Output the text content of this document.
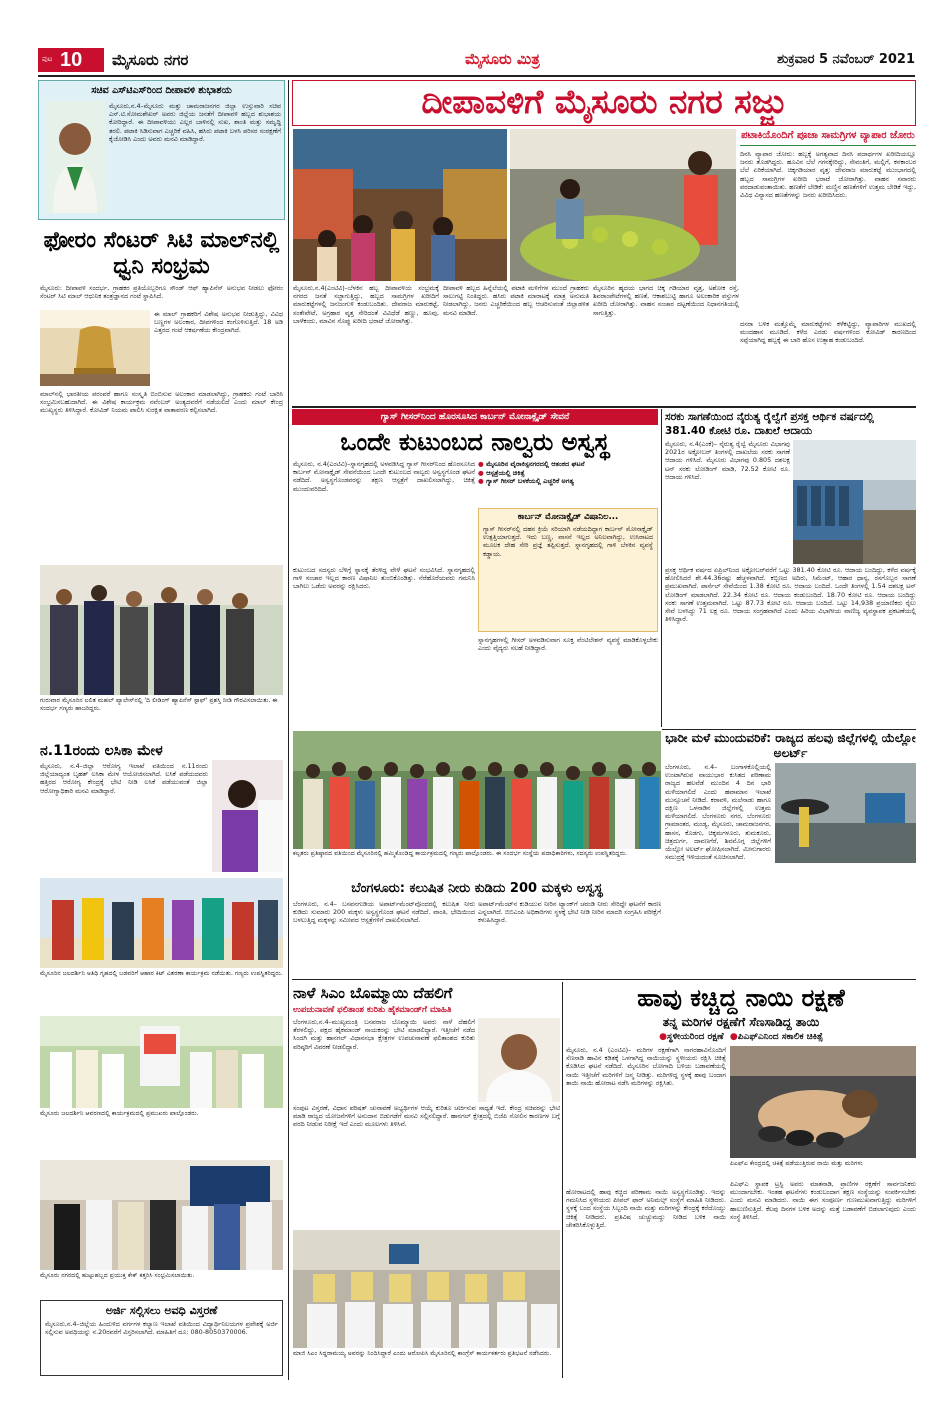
ಪುಟ 10 ಮೈಸೂರು ನಗರ	ಮೈಸೂರು ಮಿತ್ರ	ಶುಕ್ರವಾರ 5 ನವೆಂಬರ್ 2021
ಸಚಿವ ಎಸ್‌ಟಿಎಸ್‌ರಿಂದ ದೀಪಾವಳಿ ಶುಭಾಶಯ
ಮೈಸೂರು,ನ.4–ಮೈಸೂರು ಮತ್ತು ಚಾಮರಾಜನಗರ ಜಿಲ್ಲಾ ಉಸ್ತುವಾರಿ ಸಚಿವ ಎಸ್.ಟಿ.ಸೋಮಶೇಖರ್ ಅವರು ಜಿಲ್ಲೆಯ ಜನತೆಗೆ ದೀಪಾವಳಿ ಹಬ್ಬದ ಶುಭಾಶಯ ಕೋರಿದ್ದಾರೆ. ಈ ದೀಪಾವಳಿಯು ಎಲ್ಲರ ಬಾಳಿನಲ್ಲಿ ಸುಖ, ಶಾಂತಿ ಮತ್ತು ಸಮೃದ್ಧಿ ತರಲಿ. ಪಟಾಕಿ ಸಿಡಿಸುವಾಗ ಎಚ್ಚರಿಕೆ ವಹಿಸಿ, ಹಸಿರು ಪಟಾಕಿ ಬಳಸಿ ಪರಿಸರ ಸಂರಕ್ಷಣೆಗೆ ಕೈಜೋಡಿಸಿ ಎಂದು ಅವರು ಮನವಿ ಮಾಡಿದ್ದಾರೆ.
ಫೋರಂ ಸೆಂಟರ್ ಸಿಟಿ ಮಾಲ್‌ನಲ್ಲಿ ಧ್ವನಿ ಸಂಭ್ರಮ
ಮೈಸೂರು: ದೀಪಾವಳಿ ಸಂದರ್ಭ, ಗ್ರಾಹಕರ ಪ್ರತಿಯೊಬ್ಬರಿಗೂ ಸೌಂಡ್ ಆಫ್ ಹ್ಯಾಪಿನೆಸ್ ಅನುಭವ ನೀಡಲು ಫೋರಂ ಸೆಂಟರ್ ಸಿಟಿ ಮಾಲ್ ಆಧುನಿಕ ತಂತ್ರಜ್ಞಾನದ ಗಂಟೆ ಸ್ಥಾಪಿಸಿದೆ.
ಈ ಮಾಲ್ ಗ್ರಾಹಕರಿಗೆ ವಿಶೇಷ ಅನುಭವ ನೀಡುತ್ತಿದ್ದು, ವಿವಿಧ ಬಣ್ಣಗಳ ಅಲಂಕಾರ, ದೀಪಗಳಿಂದ ಕಂಗೊಳಿಸುತ್ತಿದೆ. 18 ಅಡಿ ಎತ್ತರದ ಗಂಟೆ ಆಕರ್ಷಣೆಯ ಕೇಂದ್ರವಾಗಿದೆ.
ಮಾಲ್‌ನಲ್ಲಿ ಭಾರತೀಯ ಪರಂಪರೆ ಹಾಗೂ ಸಂಸ್ಕೃತಿ ಬಿಂಬಿಸುವ ಅಲಂಕಾರ ಮಾಡಲಾಗಿದ್ದು, ಗ್ರಾಹಕರು ಗಂಟೆ ಬಾರಿಸಿ ಸಂಭ್ರಮಿಸಬಹುದಾಗಿದೆ. ಈ ವಿಶೇಷ ಕಾರ್ಯಕ್ರಮ ನವೆಂಬರ್ ಅಂತ್ಯದವರೆಗೆ ನಡೆಯಲಿದೆ ಎಂದು ಮಾಲ್ ಕೇಂದ್ರ ಮುಖ್ಯಸ್ಥರು ತಿಳಿಸಿದ್ದಾರೆ. ಕೋವಿಡ್ ನಿಯಮ ಪಾಲಿಸಿ ಸುರಕ್ಷಿತ ವಾತಾವರಣ ಕಲ್ಪಿಸಲಾಗಿದೆ.
ಗುರುವಾರ ಮೈಸೂರಿನ ಲಲಿತ ಮಹಲ್ ಪ್ಯಾಲೇಸ್‌ನಲ್ಲಿ 'ದಿ ಲೀಡಿಂಗ್ ಹ್ಯಾಪಿನೆಸ್ ಸ್ಟಾಫ್' ಪ್ರಶಸ್ತಿ ನೀಡಿ ಗೌರವಿಸಲಾಯಿತು. ಈ ಸಂದರ್ಭ ಗಣ್ಯರು ಹಾಜರಿದ್ದರು.
ನ.11ರಂದು ಲಸಿಕಾ ಮೇಳ
ಮೈಸೂರು, ನ.4–ಜಿಲ್ಲಾ ಆರೋಗ್ಯ ಇಲಾಖೆ ವತಿಯಿಂದ ನ.11ರಂದು ಜಿಲ್ಲೆಯಾದ್ಯಂತ ಬೃಹತ್ ಲಸಿಕಾ ಮೇಳ ಆಯೋಜಿಸಲಾಗಿದೆ. ಲಸಿಕೆ ಪಡೆಯದವರು ಹತ್ತಿರದ ಆರೋಗ್ಯ ಕೇಂದ್ರಕ್ಕೆ ಭೇಟಿ ನೀಡಿ ಲಸಿಕೆ ಪಡೆಯುವಂತೆ ಜಿಲ್ಲಾ ಆರೋಗ್ಯಾಧಿಕಾರಿ ಮನವಿ ಮಾಡಿದ್ದಾರೆ.
ಮೈಸೂರಿನ ಜಲದರ್ಶಿನಿ ಅತಿಥಿ ಗೃಹದಲ್ಲಿ ಬಡವರಿಗೆ ಆಹಾರ ಕಿಟ್ ವಿತರಣಾ ಕಾರ್ಯಕ್ರಮ ನಡೆಯಿತು. ಗಣ್ಯರು ಉಪಸ್ಥಿತರಿದ್ದರು.
ಮೈಸೂರು ಜಲದರ್ಶಿನಿ ಆವರಣದಲ್ಲಿ ಕಾರ್ಯಕ್ರಮದಲ್ಲಿ ಪ್ರಮುಖರು ಪಾಲ್ಗೊಂಡರು.
ಮೈಸೂರು ನಗರದಲ್ಲಿ ಹುಟ್ಟುಹಬ್ಬದ ಪ್ರಯುಕ್ತ ಕೇಕ್ ಕತ್ತರಿಸಿ ಸಂಭ್ರಮಿಸಲಾಯಿತು.
ಅರ್ಜಿ ಸಲ್ಲಿಸಲು ಅವಧಿ ವಿಸ್ತರಣೆ
ಮೈಸೂರು,ನ.4–ಜಿಲ್ಲೆಯ ಹಿಂದುಳಿದ ವರ್ಗಗಳ ಕಲ್ಯಾಣ ಇಲಾಖೆ ವತಿಯಿಂದ ವಿದ್ಯಾರ್ಥಿನಿಲಯಗಳ ಪ್ರವೇಶಕ್ಕೆ ಅರ್ಜಿ ಸಲ್ಲಿಸುವ ಅವಧಿಯನ್ನು ನ.20ರವರೆಗೆ ವಿಸ್ತರಿಸಲಾಗಿದೆ. ಮಾಹಿತಿಗೆ ದೂ: 080-8050370006.
ದೀಪಾವಳಿಗೆ ಮೈಸೂರು ನಗರ ಸಜ್ಜು
ಪಟಾಕಿಯೊಂದಿಗೆ ಪೂಜಾ ಸಾಮಗ್ರಿಗಳ ವ್ಯಾಪಾರ ಜೋರು
ದಿನಸಿ ವ್ಯಾಪಾರ ಜೋರು: ಹಬ್ಬಕ್ಕೆ ಅಗತ್ಯವಾದ ದಿನಸಿ ಪದಾರ್ಥಗಳ ಖರೀದಿಯಲ್ಲೂ ಜನರು ತೊಡಗಿದ್ದರು. ಹೂವಿನ ಬೆಲೆ ಗಗನಕ್ಕೇರಿದ್ದು, ಸೇವಂತಿಗೆ, ಮಲ್ಲಿಗೆ, ಕನಕಾಂಬರ ಬೆಲೆ ಏರಿಕೆಯಾಗಿದೆ. ಚಿಕ್ಕಗಡಿಯಾರ ವೃತ್ತ: ದೇವರಾಜ ಮಾರುಕಟ್ಟೆ ಮುಂಭಾಗದಲ್ಲಿ ಹಬ್ಬದ ಸಾಮಗ್ರಿಗಳ ಖರೀದಿ ಭರಾಟೆ ಜೋರಾಗಿತ್ತು. ವಾಹನ ಸವಾರರು ಪರದಾಡುವಂತಾಯಿತು. ಹಣತೆಗೆ ಬೇಡಿಕೆ: ಮಣ್ಣಿನ ಹಣತೆಗಳಿಗೆ ಉತ್ತಮ ಬೇಡಿಕೆ ಇದ್ದು, ವಿವಿಧ ವಿನ್ಯಾಸದ ಹಣತೆಗಳನ್ನು ಜನರು ಖರೀದಿಸಿದರು.
ಮೈಸೂರು,ನ.4(ಎಂಟಿವಿ)–ಬೆಳಕಿನ ಹಬ್ಬ ದೀಪಾವಳಿಯ ಸಂಭ್ರಮಕ್ಕೆ ನಗರದ ಜನತೆ ಸಜ್ಜಾಗುತ್ತಿದ್ದು, ಹಬ್ಬದ ಸಾಮಗ್ರಿಗಳ ಖರೀದಿಗೆ ಮಾರುಕಟ್ಟೆಗಳಲ್ಲಿ ಜನಜಂಗುಳಿ ಕಂಡುಬಂದಿತು. ದೇವರಾಜ ಮಾರುಕಟ್ಟೆ, ಸಂತೇಪೇಟೆ, ಅಗ್ರಹಾರ ವೃತ್ತ ಸೇರಿದಂತೆ ವಿವಿಧೆಡೆ ಹಣ್ಣು, ಹೂವು, ಬಾಳೆಕಂದು, ಮಾವಿನ ಸೊಪ್ಪು ಖರೀದಿ ಭರಾಟೆ ಜೋರಾಗಿತ್ತು.
ದೀಪಾವಳಿ ಹಬ್ಬದ ಹಿನ್ನೆಲೆಯಲ್ಲಿ ಪಟಾಕಿ ಮಳಿಗೆಗಳ ಮುಂದೆ ಗ್ರಾಹಕರು ಸಾಲುಗಟ್ಟಿ ನಿಂತಿದ್ದರು. ಹಸಿರು ಪಟಾಕಿ ಮಾರಾಟಕ್ಕೆ ಮಾತ್ರ ಅನುಮತಿ ನೀಡಲಾಗಿದ್ದು, ಜನರು ಎಚ್ಚರಿಕೆಯಿಂದ ಹಬ್ಬ ಆಚರಿಸುವಂತೆ ಜಿಲ್ಲಾಡಳಿತ ಮನವಿ ಮಾಡಿದೆ.
ಮೈಸೂರಿನ ಹೃದಯ ಭಾಗದ ಚಿಕ್ಕ ಗಡಿಯಾರ ವೃತ್ತ, ಅಶೋಕ ರಸ್ತೆ, ಶಿವರಾಂಪೇಟೆಗಳಲ್ಲಿ ಹಣತೆ, ಆಕಾಶಬುಟ್ಟಿ ಹಾಗೂ ಅಲಂಕಾರಿಕ ವಸ್ತುಗಳ ಖರೀದಿ ಜೋರಾಗಿತ್ತು. ವಾಹನ ಸಂಚಾರ ದಟ್ಟಣೆಯಿಂದ ನಿಧಾನಗತಿಯಲ್ಲಿ ಸಾಗುತ್ತಿತ್ತು.
ದಸರಾ ಬಳಿಕ ಮತ್ತೊಮ್ಮೆ ಮಾರುಕಟ್ಟೆಗಳು ಕಳೆಕಟ್ಟಿದ್ದು, ವ್ಯಾಪಾರಿಗಳ ಮುಖದಲ್ಲಿ ಮಂದಹಾಸ ಮೂಡಿದೆ. ಕಳೆದ ಎರಡು ವರ್ಷಗಳಿಂದ ಕೋವಿಡ್ ಕಾರಣದಿಂದ ಸಪ್ಪೆಯಾಗಿದ್ದ ಹಬ್ಬಕ್ಕೆ ಈ ಬಾರಿ ಹೊಸ ಉತ್ಸಾಹ ಕಂಡುಬಂದಿದೆ.
ಗ್ಯಾಸ್ ಗೀಸರ್‌ನಿಂದ ಹೊರಸೂಸಿದ ಕಾರ್ಬನ್ ಮೋನಾಕ್ಸೈಡ್ ಸೇವನೆ
ಒಂದೇ ಕುಟುಂಬದ ನಾಲ್ವರು ಅಸ್ವಸ್ಥ
ಮೈಸೂರು, ನ.4(ಎಂಟಿವಿ)–ಸ್ನಾನಗೃಹದಲ್ಲಿ ಅಳವಡಿಸಿದ್ದ ಗ್ಯಾಸ್ ಗೀಸರ್‌ನಿಂದ ಹೊರಸೂಸಿದ ಕಾರ್ಬನ್ ಮೋನಾಕ್ಸೈಡ್ ಸೇವನೆಯಿಂದ ಒಂದೇ ಕುಟುಂಬದ ನಾಲ್ವರು ಅಸ್ವಸ್ಥಗೊಂಡ ಘಟನೆ ನಡೆದಿದೆ. ಅಸ್ವಸ್ಥಗೊಂಡವರನ್ನು ತಕ್ಷಣ ಆಸ್ಪತ್ರೆಗೆ ದಾಖಲಿಸಲಾಗಿದ್ದು, ಚಿಕಿತ್ಸೆ ಮುಂದುವರಿದಿದೆ.
● ಮೈಸೂರಿನ ವೈರಾಕಿಸ್ಪನಗರದಲ್ಲಿ ಆತಂಕದ ಘಟನೆ
● ಆಸ್ಪತ್ರೆಯಲ್ಲಿ ಚಿಕಿತ್ಸೆ
● ಗ್ಯಾಸ್ ಗೀಸರ್ ಬಳಕೆಯಲ್ಲಿ ಎಚ್ಚರಿಕೆ ಅಗತ್ಯ
ಕಾರ್ಬನ್ ಮೋನಾಕ್ಸೈಡ್ ವಿಷಾನಿಲ...
ಗ್ಯಾಸ್ ಗೀಸರ್‌ನಲ್ಲಿ ದಹನ ಕ್ರಿಯೆ ಸರಿಯಾಗಿ ನಡೆಯದಿದ್ದಾಗ ಕಾರ್ಬನ್ ಮೋನಾಕ್ಸೈಡ್ ಉತ್ಪತ್ತಿಯಾಗುತ್ತದೆ. ಇದು ಬಣ್ಣ, ವಾಸನೆ ಇಲ್ಲದ ಅನಿಲವಾಗಿದ್ದು, ಉಸಿರಾಟದ ಮೂಲಕ ದೇಹ ಸೇರಿ ಪ್ರಜ್ಞೆ ತಪ್ಪಿಸುತ್ತದೆ. ಸ್ನಾನಗೃಹದಲ್ಲಿ ಗಾಳಿ ಬೆಳಕಿನ ವ್ಯವಸ್ಥೆ ಕಡ್ಡಾಯ.
ಕುಟುಂಬದ ಸದಸ್ಯರು ಬೆಳಿಗ್ಗೆ ಸ್ನಾನಕ್ಕೆ ತೆರಳಿದ್ದ ವೇಳೆ ಘಟನೆ ಸಂಭವಿಸಿದೆ. ಸ್ನಾನಗೃಹದಲ್ಲಿ ಗಾಳಿ ಸಂಚಾರ ಇಲ್ಲದ ಕಾರಣ ವಿಷಾನಿಲ ತುಂಬಿಕೊಂಡಿತ್ತು. ನೆರೆಹೊರೆಯವರು ಗಮನಿಸಿ ಬಾಗಿಲು ಒಡೆದು ಅವರನ್ನು ರಕ್ಷಿಸಿದರು.
ಸ್ನಾನಗೃಹಗಳಲ್ಲಿ ಗೀಸರ್ ಅಳವಡಿಸುವಾಗ ಸೂಕ್ತ ವೆಂಟಿಲೇಶನ್ ವ್ಯವಸ್ಥೆ ಮಾಡಿಕೊಳ್ಳಬೇಕು ಎಂದು ವೈದ್ಯರು ಸಲಹೆ ನೀಡಿದ್ದಾರೆ.
ಸರಕು ಸಾಗಣೆಯಿಂದ ನೈರುತ್ಯ ರೈಲ್ವೆಗೆ ಪ್ರಸಕ್ತ ಆರ್ಥಿಕ ವರ್ಷದಲ್ಲಿ 381.40 ಕೋಟಿ ರೂ. ದಾಖಲೆ ಆದಾಯ
ಮೈಸೂರು, ನ.4(ಎಂಕೆ)– ನೈರುತ್ಯ ರೈಲ್ವೆ ಮೈಸೂರು ವಿಭಾಗವು 2021ರ ಅಕ್ಟೋಬರ್ ತಿಂಗಳಲ್ಲಿ ದಾಖಲೆಯ ಸರಕು ಸಾಗಣೆ ಆದಾಯ ಗಳಿಸಿದೆ. ಮೈಸೂರು ವಿಭಾಗವು 0.805 ದಶಲಕ್ಷ ಟನ್ ಸರಕು ಲೋಡಿಂಗ್ ಮಾಡಿ, 72.52 ಕೋಟಿ ರೂ. ಆದಾಯ ಗಳಿಸಿದೆ.
ಪ್ರಸಕ್ತ ಆರ್ಥಿಕ ವರ್ಷದ ಏಪ್ರಿಲ್‌ನಿಂದ ಅಕ್ಟೋಬರ್‌ವರೆಗೆ ಒಟ್ಟು 381.40 ಕೋಟಿ ರೂ. ಆದಾಯ ಬಂದಿದ್ದು, ಕಳೆದ ವರ್ಷಕ್ಕೆ ಹೋಲಿಸಿದರೆ ಶೇ.44.36ರಷ್ಟು ಹೆಚ್ಚಳವಾಗಿದೆ. ಕಬ್ಬಿಣದ ಅದಿರು, ಸಿಮೆಂಟ್, ಆಹಾರ ಧಾನ್ಯ, ರಸಗೊಬ್ಬರ ಸಾಗಣೆ ಪ್ರಮುಖವಾಗಿದೆ. ಪಾರ್ಸೆಲ್ ಸೇವೆಯಿಂದ 1.38 ಕೋಟಿ ರೂ. ಆದಾಯ ಬಂದಿದೆ. ಒಂದೇ ತಿಂಗಳಲ್ಲಿ 1.54 ದಶಲಕ್ಷ ಟನ್ ಲೋಡಿಂಗ್ ಮಾಡಲಾಗಿದೆ. 22.34 ಕೋಟಿ ರೂ. ಆದಾಯ ಕಂಡುಬಂದಿದೆ. 18.70 ಕೋಟಿ ರೂ. ಆದಾಯ ಬಂದಿದ್ದು ಸರಕು ಸಾಗಣೆ ಉತ್ತಮವಾಗಿದೆ. ಒಟ್ಟು 87.73 ಕೋಟಿ ರೂ. ಆದಾಯ ಬಂದಿದೆ. ಒಟ್ಟು 14,938 ಪ್ರಯಾಣಿಕರು ರೈಲು ಸೇವೆ ಬಳಸಿದ್ದು 71 ಲಕ್ಷ ರೂ. ಆದಾಯ ಸಂಗ್ರಹವಾಗಿದೆ ಎಂದು ಹಿರಿಯ ವಿಭಾಗೀಯ ವಾಣಿಜ್ಯ ವ್ಯವಸ್ಥಾಪಕ ಪ್ರಕಟಣೆಯಲ್ಲಿ ತಿಳಿಸಿದ್ದಾರೆ.
ಭಾರೀ ಮಳೆ ಮುಂದುವರಿಕೆ: ರಾಜ್ಯದ ಹಲವು ಜಿಲ್ಲೆಗಳಲ್ಲಿ ಯೆಲ್ಲೋ ಅಲರ್ಟ್
ಬೆಂಗಳೂರು, ನ.4– ಬಂಗಾಳಕೊಲ್ಲಿಯಲ್ಲಿ ಉಂಟಾಗಿರುವ ವಾಯುಭಾರ ಕುಸಿತದ ಪರಿಣಾಮ ರಾಜ್ಯದ ಹಲವೆಡೆ ಮುಂದಿನ 4 ದಿನ ಭಾರಿ ಮಳೆಯಾಗಲಿದೆ ಎಂದು ಹವಾಮಾನ ಇಲಾಖೆ ಮುನ್ಸೂಚನೆ ನೀಡಿದೆ. ಕರಾವಳಿ, ಮಲೆನಾಡು ಹಾಗೂ ದಕ್ಷಿಣ ಒಳನಾಡಿನ ಜಿಲ್ಲೆಗಳಲ್ಲಿ ಉತ್ತಮ ಮಳೆಯಾಗಲಿದೆ. ಬೆಂಗಳೂರು ನಗರ, ಬೆಂಗಳೂರು ಗ್ರಾಮಾಂತರ, ಮಂಡ್ಯ, ಮೈಸೂರು, ಚಾಮರಾಜನಗರ, ಹಾಸನ, ಕೊಡಗು, ಚಿಕ್ಕಮಗಳೂರು, ತುಮಕೂರು, ಚಿತ್ರದುರ್ಗ, ದಾವಣಗೆರೆ, ಶಿವಮೊಗ್ಗ ಜಿಲ್ಲೆಗಳಿಗೆ ಯೆಲ್ಲೋ ಅಲರ್ಟ್ ಘೋಷಿಸಲಾಗಿದೆ. ಮೀನುಗಾರರು ಸಮುದ್ರಕ್ಕೆ ಇಳಿಯದಂತೆ ಸೂಚಿಸಲಾಗಿದೆ.
ಕಲ್ಪತರು ಪ್ರತಿಷ್ಠಾನದ ವತಿಯಿಂದ ಮೈಸೂರಿನಲ್ಲಿ ಹಮ್ಮಿಕೊಂಡಿದ್ದ ಕಾರ್ಯಕ್ರಮದಲ್ಲಿ ಗಣ್ಯರು ಪಾಲ್ಗೊಂಡರು. ಈ ಸಂದರ್ಭ ಸಂಸ್ಥೆಯ ಪದಾಧಿಕಾರಿಗಳು, ಸದಸ್ಯರು ಉಪಸ್ಥಿತರಿದ್ದರು.
ಬೆಂಗಳೂರು: ಕಲುಷಿತ ನೀರು ಕುಡಿದು 200 ಮಕ್ಕಳು ಅಸ್ವಸ್ಥ
ಬೆಂಗಳೂರು, ನ.4– ಬಸವನಗುಡಿಯ ಅಪಾರ್ಟ್‌ಮೆಂಟ್‌ವೊಂದರಲ್ಲಿ ಕಲುಷಿತ ನೀರು ಕುಡಿದು ಸುಮಾರು 200 ಮಕ್ಕಳು ಅಸ್ವಸ್ಥಗೊಂಡ ಘಟನೆ ನಡೆದಿದೆ. ವಾಂತಿ, ಭೇದಿಯಿಂದ ಬಳಲುತ್ತಿದ್ದ ಮಕ್ಕಳನ್ನು ಸಮೀಪದ ಆಸ್ಪತ್ರೆಗಳಿಗೆ ದಾಖಲಿಸಲಾಗಿದೆ.
ಅಪಾರ್ಟ್‌ಮೆಂಟ್‌ನ ಕುಡಿಯುವ ನೀರಿನ ಟ್ಯಾಂಕ್‌ಗೆ ಚರಂಡಿ ನೀರು ಸೇರಿದ್ದೇ ಘಟನೆಗೆ ಕಾರಣ ಎನ್ನಲಾಗಿದೆ. ಬಿಬಿಎಂಪಿ ಅಧಿಕಾರಿಗಳು ಸ್ಥಳಕ್ಕೆ ಭೇಟಿ ನೀಡಿ ನೀರಿನ ಮಾದರಿ ಸಂಗ್ರಹಿಸಿ ಪರೀಕ್ಷೆಗೆ ಕಳುಹಿಸಿದ್ದಾರೆ.
ನಾಳೆ ಸಿಎಂ ಬೊಮ್ಮಾಯಿ ದೆಹಲಿಗೆ
ಉಪಚುನಾವಣೆ ಫಲಿತಾಂಶ ಕುರಿತು ಹೈಕಮಾಂಡ್‌ಗೆ ಮಾಹಿತಿ
ಬೆಂಗಳೂರು,ನ.4–ಮುಖ್ಯಮಂತ್ರಿ ಬಸವರಾಜ ಬೊಮ್ಮಾಯಿ ಅವರು ನಾಳೆ ದೆಹಲಿಗೆ ತೆರಳಲಿದ್ದು, ಪಕ್ಷದ ಹೈಕಮಾಂಡ್ ನಾಯಕರನ್ನು ಭೇಟಿ ಮಾಡಲಿದ್ದಾರೆ. ಇತ್ತೀಚೆಗೆ ನಡೆದ ಸಿಂದಗಿ ಮತ್ತು ಹಾನಗಲ್ ವಿಧಾನಸಭಾ ಕ್ಷೇತ್ರಗಳ ಉಪಚುನಾವಣೆ ಫಲಿತಾಂಶದ ಕುರಿತು ವರಿಷ್ಠರಿಗೆ ವಿವರಣೆ ನೀಡಲಿದ್ದಾರೆ.
ಸಂಪುಟ ವಿಸ್ತರಣೆ, ವಿಧಾನ ಪರಿಷತ್ ಚುನಾವಣೆ ಅಭ್ಯರ್ಥಿಗಳ ಆಯ್ಕೆ ಕುರಿತೂ ಚರ್ಚಿಸುವ ಸಾಧ್ಯತೆ ಇದೆ. ಕೇಂದ್ರ ಸಚಿವರನ್ನು ಭೇಟಿ ಮಾಡಿ ರಾಜ್ಯದ ಯೋಜನೆಗಳಿಗೆ ಅನುದಾನ ಬಿಡುಗಡೆಗೆ ಮನವಿ ಸಲ್ಲಿಸಲಿದ್ದಾರೆ. ಹಾನಗಲ್ ಕ್ಷೇತ್ರದಲ್ಲಿ ಬಿಜೆಪಿ ಸೋಲಿನ ಕಾರಣಗಳ ಬಗ್ಗೆ ವರದಿ ನೀಡುವ ನಿರೀಕ್ಷೆ ಇದೆ ಎಂದು ಮೂಲಗಳು ತಿಳಿಸಿವೆ.
ಮಾಜಿ ಸಿಎಂ ಸಿದ್ದರಾಮಯ್ಯ ಅವರನ್ನು ನಿಂದಿಸಿದ್ದಾರೆ ಎಂದು ಆರೋಪಿಸಿ ಮೈಸೂರಿನಲ್ಲಿ ಕಾಂಗ್ರೆಸ್ ಕಾರ್ಯಕರ್ತರು ಪ್ರತಿಭಟನೆ ನಡೆಸಿದರು.
ಹಾವು ಕಚ್ಚಿದ್ದ ನಾಯಿ ರಕ್ಷಣೆ
ತನ್ನ ಮರಿಗಳ ರಕ್ಷಣೆಗೆ ಸೆಣಸಾಡಿದ್ದ ತಾಯಿ
●ಸ್ಥಳೀಯರಿಂದ ರಕ್ಷಣೆ ●ಪಿಎಫ್‌ಎನಿಂದ ಸಕಾಲಿಕ ಚಿಕಿತ್ಸೆ
ಮೈಸೂರು, ನ.4 (ಎಂಟಿವಿ)– ಮರಿಗಳ ರಕ್ಷಣೆಗಾಗಿ ನಾಗರಹಾವಿನೊಂದಿಗೆ ಸೆಣಸಾಡಿ ಹಾವಿನ ಕಡಿತಕ್ಕೆ ಒಳಗಾಗಿದ್ದ ನಾಯಿಯನ್ನು ಸ್ಥಳೀಯರು ರಕ್ಷಿಸಿ ಚಿಕಿತ್ಸೆ ಕೊಡಿಸಿದ ಘಟನೆ ನಡೆದಿದೆ. ಮೈಸೂರಿನ ಬೋಗಾದಿ ಬಳಿಯ ಬಡಾವಣೆಯಲ್ಲಿ ನಾಯಿ ಇತ್ತೀಚೆಗೆ ಮರಿಗಳಿಗೆ ಜನ್ಮ ನೀಡಿತ್ತು. ಮರಿಗಳಿದ್ದ ಸ್ಥಳಕ್ಕೆ ಹಾವು ಬಂದಾಗ ತಾಯಿ ನಾಯಿ ಹೋರಾಟ ನಡೆಸಿ ಮರಿಗಳನ್ನು ರಕ್ಷಿಸಿತು.
ಪಿಎಫ್‌ಎ ಕೇಂದ್ರದಲ್ಲಿ ಚಿಕಿತ್ಸೆ ಪಡೆಯುತ್ತಿರುವ ನಾಯಿ ಮತ್ತು ಮರಿಗಳು
ಹೋರಾಟದಲ್ಲಿ ಹಾವು ಕಚ್ಚಿದ ಪರಿಣಾಮ ನಾಯಿ ಅಸ್ವಸ್ಥಗೊಂಡಿತ್ತು. ಇದನ್ನು ಗಮನಿಸಿದ ಸ್ಥಳೀಯರು ಪೀಪಲ್ ಫಾರ್ ಅನಿಮಲ್ಸ್ ಸಂಸ್ಥೆಗೆ ಮಾಹಿತಿ ನೀಡಿದರು. ಸ್ಥಳಕ್ಕೆ ಬಂದ ಸಂಸ್ಥೆಯ ಸಿಬ್ಬಂದಿ ನಾಯಿ ಮತ್ತು ಮರಿಗಳನ್ನು ಕೇಂದ್ರಕ್ಕೆ ಕರೆದೊಯ್ದು ಚಿಕಿತ್ಸೆ ನೀಡಿದರು. ಪ್ರತಿವಿಷ ಚುಚ್ಚುಮದ್ದು ನೀಡಿದ ಬಳಿಕ ನಾಯಿ ಚೇತರಿಸಿಕೊಳ್ಳುತ್ತಿದೆ.
ಪಿಎಫ್‌ಎ ಸ್ಥಾಪಕ ಟ್ರಸ್ಟಿ ಅವರು ಮಾತನಾಡಿ, ಪ್ರಾಣಿಗಳ ರಕ್ಷಣೆಗೆ ಸಾರ್ವಜನಿಕರು ಮುಂದಾಗಬೇಕು. ಇಂತಹ ಘಟನೆಗಳು ಕಂಡುಬಂದಾಗ ತಕ್ಷಣ ಸಂಸ್ಥೆಯನ್ನು ಸಂಪರ್ಕಿಸಬೇಕು ಎಂದು ಮನವಿ ಮಾಡಿದರು. ನಾಯಿ ಈಗ ಸಂಪೂರ್ಣ ಗುಣಮುಖವಾಗುತ್ತಿದ್ದು ಮರಿಗಳಿಗೆ ಹಾಲುಣಿಸುತ್ತಿದೆ. ಕೆಲವು ದಿನಗಳ ಬಳಿಕ ಅದನ್ನು ಮತ್ತೆ ಬಡಾವಣೆಗೆ ಬಿಡಲಾಗುವುದು ಎಂದು ಸಂಸ್ಥೆ ತಿಳಿಸಿದೆ.
